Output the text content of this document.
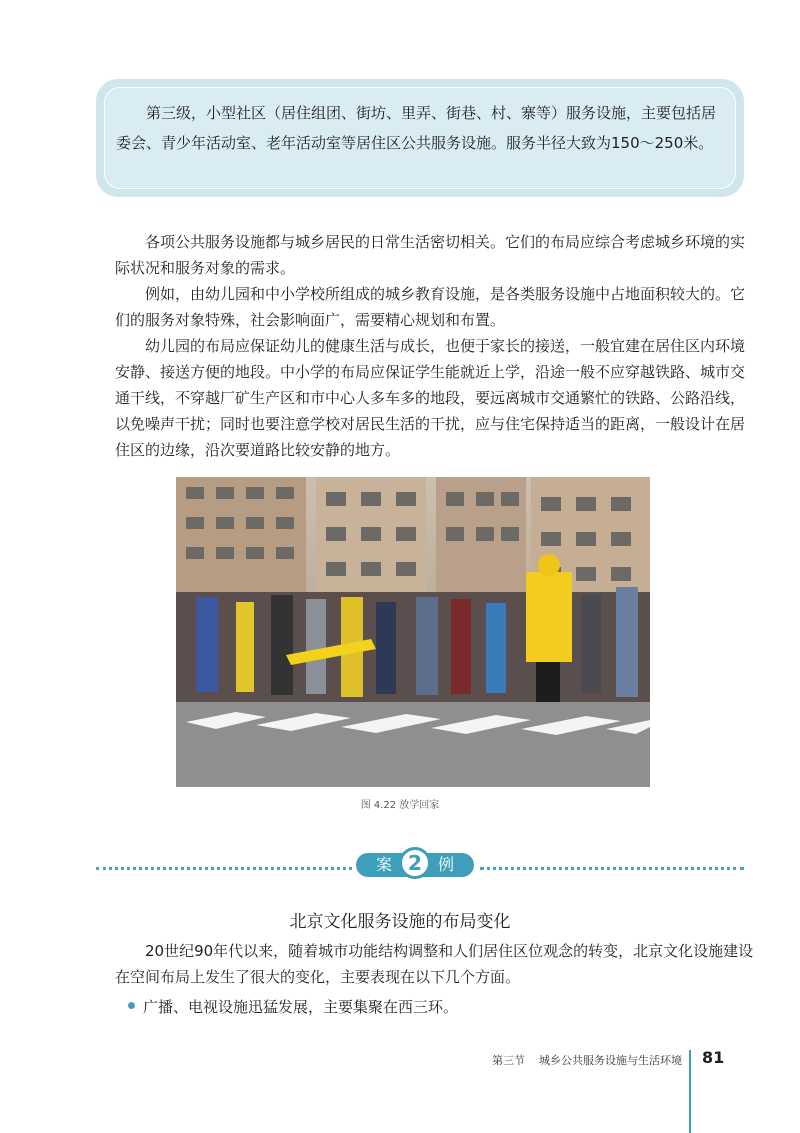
第三级，小型社区（居住组团、街坊、里弄、街巷、村、寨等）服务设施，主要包括居委会、青少年活动室、老年活动室等居住区公共服务设施。服务半径大致为150～250米。

各项公共服务设施都与城乡居民的日常生活密切相关。它们的布局应综合考虑城乡环境的实际状况和服务对象的需求。

例如，由幼儿园和中小学校所组成的城乡教育设施，是各类服务设施中占地面积较大的。它们的服务对象特殊，社会影响面广，需要精心规划和布置。

幼儿园的布局应保证幼儿的健康生活与成长，也便于家长的接送，一般宜建在居住区内环境安静、接送方便的地段。中小学的布局应保证学生能就近上学，沿途一般不应穿越铁路、城市交通干线，不穿越厂矿生产区和市中心人多车多的地段，要远离城市交通繁忙的铁路、公路沿线，以免噪声干扰；同时也要注意学校对居民生活的干扰，应与住宅保持适当的距离，一般设计在居住区的边缘，沿次要道路比较安静的地方。

图 4.22 放学回家
案 2	例
北京文化服务设施的布局变化

20世纪90年代以来，随着城市功能结构调整和人们居住区位观念的转变，北京文化设施建设在空间布局上发生了很大的变化，主要表现在以下几个方面。

广播、电视设施迅猛发展，主要集聚在西三环。
第三节 城乡公共服务设施与生活环境 81
